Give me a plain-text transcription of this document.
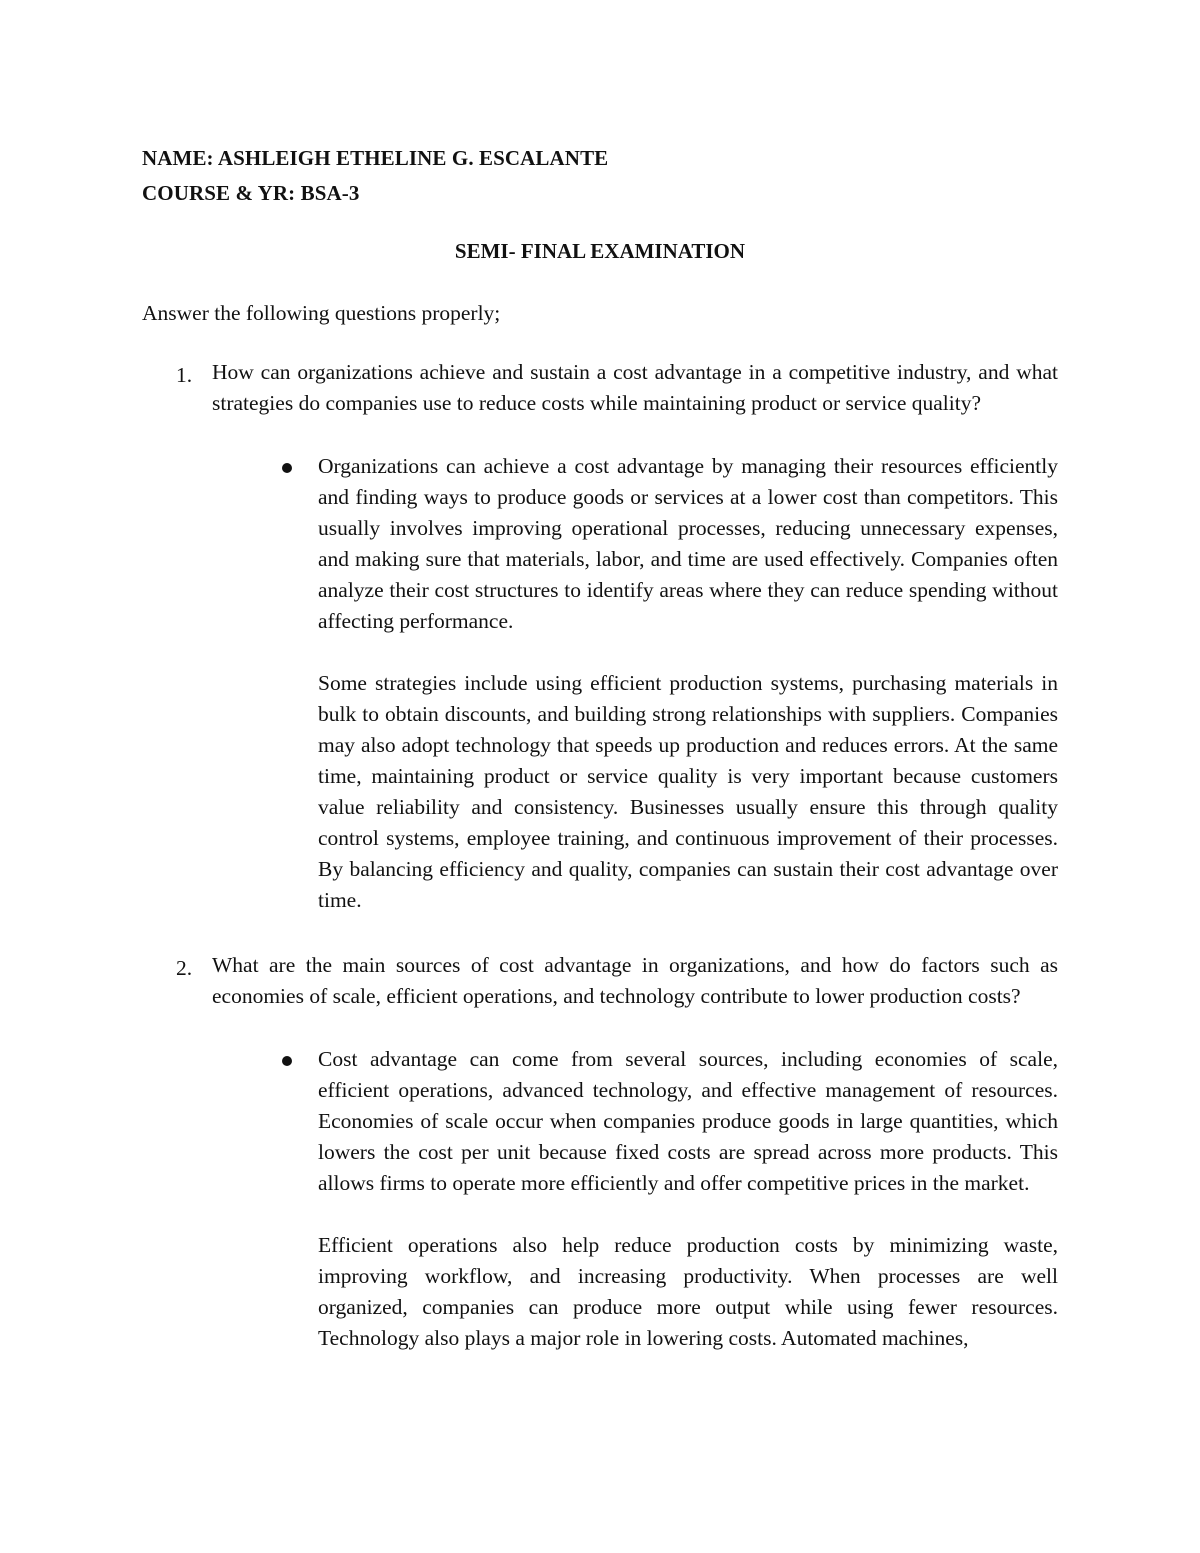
NAME: ASHLEIGH ETHELINE G. ESCALANTE
COURSE & YR: BSA-3
SEMI- FINAL EXAMINATION
Answer the following questions properly;
1. How can organizations achieve and sustain a cost advantage in a competitive industry, and what strategies do companies use to reduce costs while maintaining product or service quality?

Organizations can achieve a cost advantage by managing their resources efficiently and finding ways to produce goods or services at a lower cost than competitors. This usually involves improving operational processes, reducing unnecessary expenses, and making sure that materials, labor, and time are used effectively. Companies often analyze their cost structures to identify areas where they can reduce spending without affecting performance.

Some strategies include using efficient production systems, purchasing materials in bulk to obtain discounts, and building strong relationships with suppliers. Companies may also adopt technology that speeds up production and reduces errors. At the same time, maintaining product or service quality is very important because customers value reliability and consistency. Businesses usually ensure this through quality control systems, employee training, and continuous improvement of their processes. By balancing efficiency and quality, companies can sustain their cost advantage over time.

2. What are the main sources of cost advantage in organizations, and how do factors such as economies of scale, efficient operations, and technology contribute to lower production costs?

Cost advantage can come from several sources, including economies of scale, efficient operations, advanced technology, and effective management of resources. Economies of scale occur when companies produce goods in large quantities, which lowers the cost per unit because fixed costs are spread across more products. This allows firms to operate more efficiently and offer competitive prices in the market.

Efficient operations also help reduce production costs by minimizing waste, improving workflow, and increasing productivity. When processes are well organized, companies can produce more output while using fewer resources. Technology also plays a major role in lowering costs. Automated machines,
